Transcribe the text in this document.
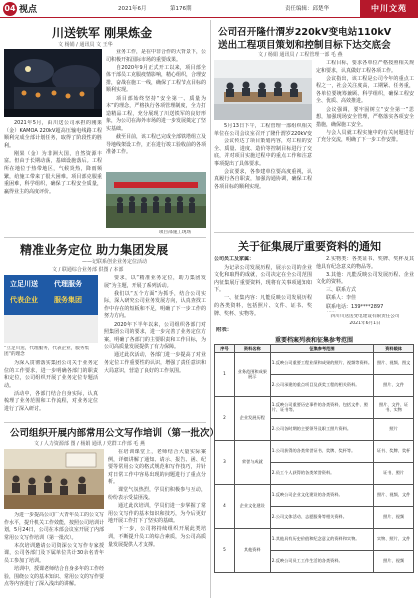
04 视点	2021年6月	第176期	责任编辑：邱楚华	中川文苑
川送铁军 刚果炼金
文 杨娟 / 通讯员 文 王华

2021年5月，由川送公司承担的刚果（金）KAMOA 220kV超高压输电线路工程顺利完成全部计划任务，取得了阶段性的胜利。

刚果（金）为非洲大国，自然资源丰富。但由于长期动荡，基础设施落后。工程所在地位于热带地区，气候炎热，降雨频繁，给施工带来了很大困难。项目部克服重重困难，科学组织，确保了工程安全质量，赢得业主的高度评价。

业务工作，是在中非合作的大背景下，公司积极开拓国际市场的重要成果。

自2020年9月正式开工以来，项目部全体干部员工克服疫情影响，精心组织，合理安排，奋战在施工一线，确保了工程节点目标的顺利实现。

项目部始终坚持“安全第一、质量为本”的理念，严格执行各项管理制度，全力打造精品工程，充分展现了川送铁军的良好形象，为公司在海外市场的进一步发展奠定了坚实基础。

截至目前，该工程已完成全部铁塔组立及导地线架设工作，正在进行竣工验收前的各项准备工作。

项目部施工现场
精准业务定位 助力集团发展
——记联系创企业务定位活动
文 / 联通综合业务部 供图 / 本部
立足川送 代理服务
代表企业 服务集团
“立足川送，代理服务，代表企业，服务集团”的理念

为深入贯彻落实集团公司关于业务定位的工作要求，进一步明确各部门的职责和定位，公司组织开展了业务定位专题活动。

活动中，各部门结合自身实际，认真梳理了业务范围和工作流程，对业务定位进行了深入研讨。

要求，以“精准业务定位，助力集团发展”为主题，开展了系列活动。

我们以“五个方面”为抓手，结合公司实际，深入研究公司业务发展方向，认真查找工作中存在的短板和不足，明确了下一步工作的努力方向。

2020年下半年以来，公司组织各部门对照集团公司的要求，进一步完善了业务定位方案，明确了各部门的主要职责和工作目标，为公司高质量发展提供了有力保障。

通过此次活动，各部门进一步提高了对业务定位工作重要性的认识，增强了责任意识和大局意识，营造了良好的工作氛围。

公司组织开展内部常用公文写作培训（第一批次）
文 / 人力资源部 图 / 杨娟 通讯 / 党群工作部 毛 燕

为进一步提高公司广大青年员工的公文写作水平，提升机关工作效能，按照公司培训计划，5月24日，公司在本部会议室开展了内部常用公文写作培训（第一批次）。

本次培训邀请公司资深公文写作专家授课，公司各部门及下属单位共计30余名青年员工参加了培训。

培训中，授课老师结合自身多年的工作经验，围绕公文的基本知识、常用公文的写作要点等内容进行了深入浅出的讲解。

在培训课堂上，老师结合大量实际案例，详细讲解了通知、请示、报告、函、纪要等常用公文的格式规范和写作技巧，并针对日常工作中容易出现的问题进行了重点分析。

课堂气氛热烈，学员们积极参与互动，纷纷表示受益匪浅。

通过此次培训，学员们进一步掌握了常用公文写作的基本知识和技巧，为今后更好地开展工作打下了坚实的基础。

下一步，公司将持续组织开展此类培训，不断提升员工的综合素质，为公司高质量发展提供人才支撑。

公司召开隆什渭岁220kV变电站110kV
送出工程项目策划和控制目标下达交底会
文 / 杨娟 通讯员 / 工程管理一部 毛 燕

5月13日下午，工程管理一部组织相关单位在公司会议室召开了隆什渭岁220kV变

会议传达了项目策划内容，对工程的安全、质量、进度、造价等控制目标进行了交底，并对项目实施过程中的重点工作和注意事项提出了具体要求。

会议要求，各参建单位要高度重视，认真履行各自职责，加强沟通协调，确保工程各项目标的顺利实现。

工程目标，要求各单位严格按照相关规定和要求，认真做好工程各项工作。

会议指出，该工程是公司今年的重点工程之一，社会关注度高，工期紧、任务重，各单位要统筹兼顾、科学组织，确保工程安全、优质、高效推进。

会议强调，要牢固树立“安全第一”思想，加强现场安全管理，严格落实各项安全措施，确保施工安全。

与会人员就工程实施中的有关问题进行了充分交流，明确了下一步工作安排。

关于征集展厅重要资料的通知
公司员工及家属：

为记录公司发展历程，展示公司的企业文化和取得的成就，公司决定在全公司范围内征集展厅重要资料，现将有关事项通知如下。

一、征集内容：凡能反映公司发展历程的各类资料，包括照片、文件、证书、奖牌、奖杯、实物等。

2.实物类：各类证书、奖牌、奖杯及其他具有纪念意义的物品等。

3.其他：凡能反映公司发展历程、企业文化的资料。

三、联系方式

联系人：李佳

联系电话：139****2897

四川川送送变电建设有限责任公司
2021年6月1日
附表：
重要档案列表和征集参考范围
序号	资料名称	征集参考范围	资料载体
1	业务范围和成果展示	1.反映公司重要工程业绩和成果的照片、视频等资料。	照片、视频、图文
		2.公司承建的重点项目及获奖工程的相关资料。	照片、文件
2	企业发展历程	1.反映公司重要历史事件的各类资料，包括文件、照片、证书等。	照片、文件、证书、实物
		2.公司各时期的主要领导及职工照片资料。	照片
3	荣誉与成就	1.公司获得的各类荣誉证书、奖牌、奖杯等。	证书、奖牌、奖杯
		2.员工个人获得的各类荣誉资料。	证书、照片
4	企业文化建设	1.反映公司企业文化建设的各类资料。	照片、视频、文件
		2.公司文体活动、志愿服务等相关资料。	照片、视频
5	其他资料	1.其他具有历史价值和纪念意义的资料和实物。	实物、照片、文件
		2.反映公司员工工作生活的各类资料。	照片、视频
